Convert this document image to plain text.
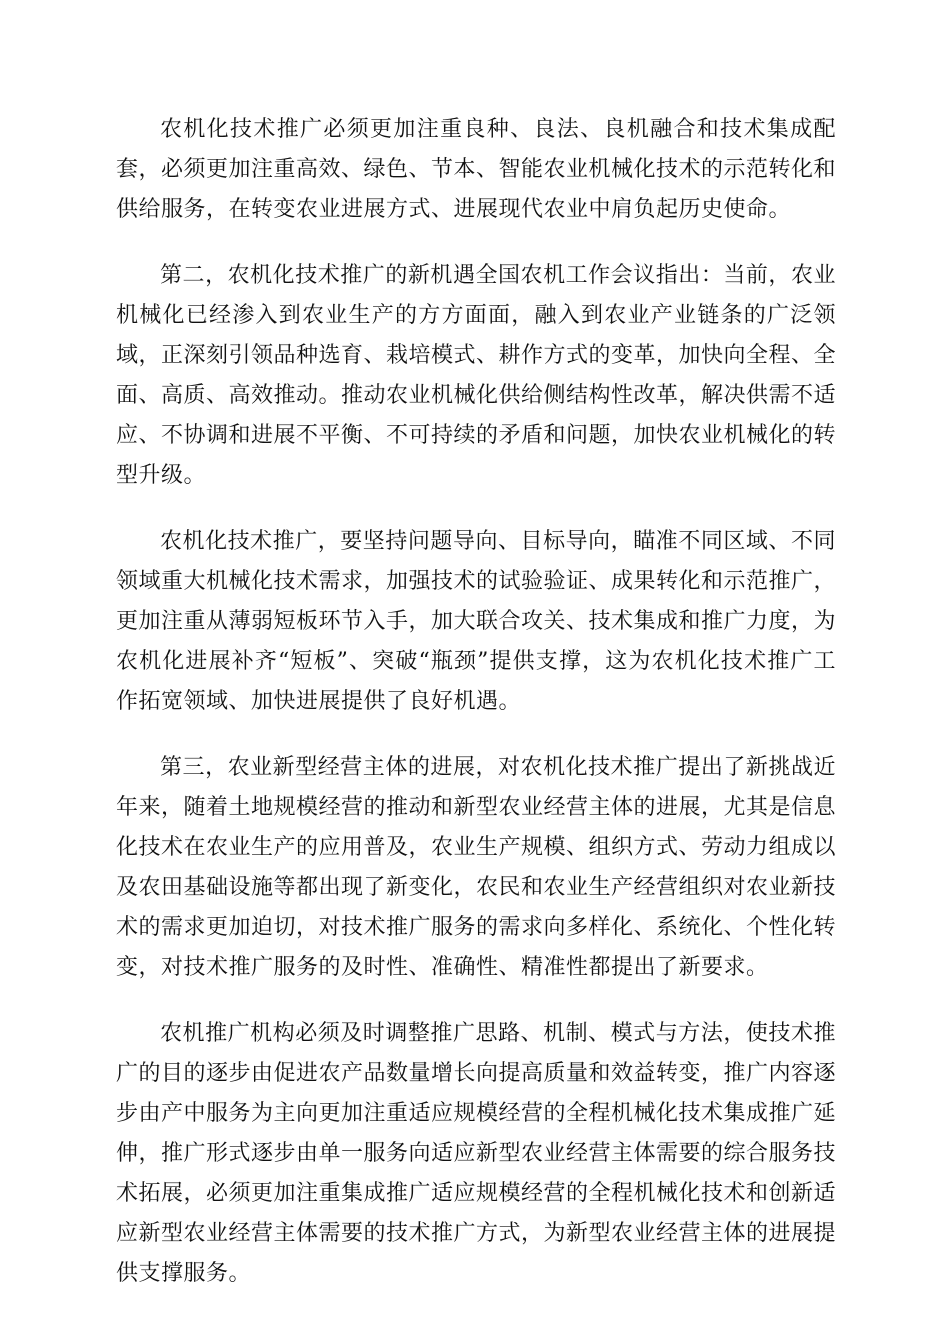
农机化技术推广必须更加注重良种、良法、良机融合和技术集成配套，必须更加注重高效、绿色、节本、智能农业机械化技术的示范转化和供给服务，在转变农业进展方式、进展现代农业中肩负起历史使命。

第二，农机化技术推广的新机遇全国农机工作会议指出：当前，农业机械化已经渗入到农业生产的方方面面，融入到农业产业链条的广泛领域，正深刻引领品种选育、栽培模式、耕作方式的变革，加快向全程、全面、高质、高效推动。推动农业机械化供给侧结构性改革，解决供需不适应、不协调和进展不平衡、不可持续的矛盾和问题，加快农业机械化的转型升级。

农机化技术推广，要坚持问题导向、目标导向，瞄准不同区域、不同领域重大机械化技术需求，加强技术的试验验证、成果转化和示范推广，更加注重从薄弱短板环节入手，加大联合攻关、技术集成和推广力度，为农机化进展补齐“短板”、突破“瓶颈”提供支撑，这为农机化技术推广工作拓宽领域、加快进展提供了良好机遇。

第三，农业新型经营主体的进展，对农机化技术推广提出了新挑战近年来，随着土地规模经营的推动和新型农业经营主体的进展，尤其是信息化技术在农业生产的应用普及，农业生产规模、组织方式、劳动力组成以及农田基础设施等都出现了新变化，农民和农业生产经营组织对农业新技术的需求更加迫切，对技术推广服务的需求向多样化、系统化、个性化转变，对技术推广服务的及时性、准确性、精准性都提出了新要求。

农机推广机构必须及时调整推广思路、机制、模式与方法，使技术推广的目的逐步由促进农产品数量增长向提高质量和效益转变，推广内容逐步由产中服务为主向更加注重适应规模经营的全程机械化技术集成推广延伸，推广形式逐步由单一服务向适应新型农业经营主体需要的综合服务技术拓展，必须更加注重集成推广适应规模经营的全程机械化技术和创新适应新型农业经营主体需要的技术推广方式，为新型农业经营主体的进展提供支撑服务。
